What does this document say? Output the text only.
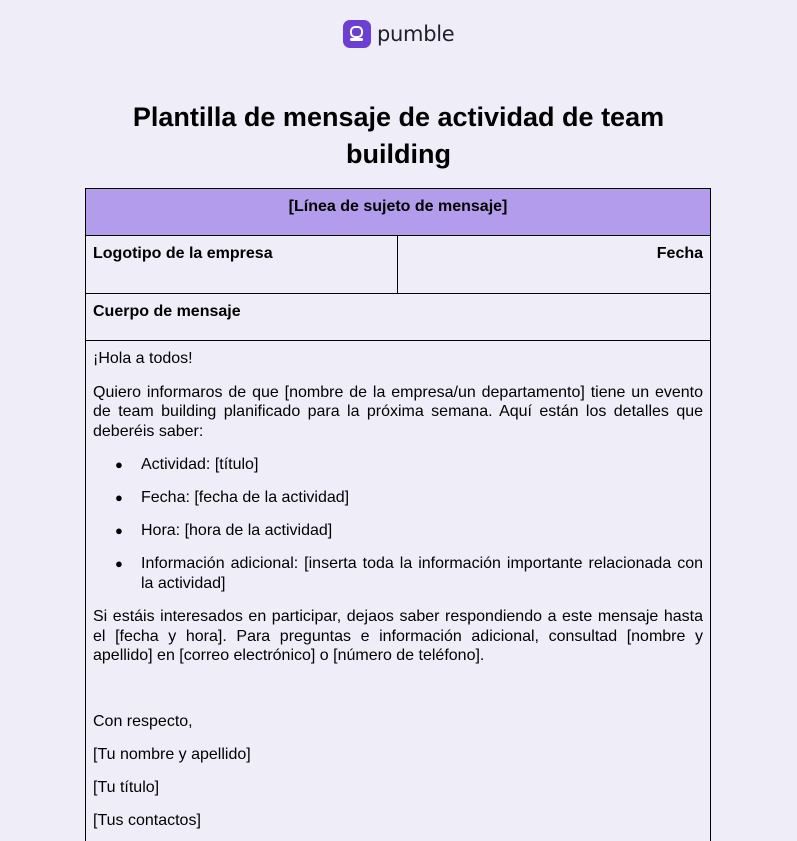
pumble
Plantilla de mensaje de actividad de team building
[Línea de sujeto de mensaje]
Logotipo de la empresa	Fecha
Cuerpo de mensaje

¡Hola a todos!

Quiero informaros de que [nombre de la empresa/un departamento] tiene un evento de team building planificado para la próxima semana. Aquí están los detalles que deberéis saber:

● Actividad: [título]
● Fecha: [fecha de la actividad]
● Hora: [hora de la actividad]
● Información adicional: [inserta toda la información importante relacionada con la actividad]

Si estáis interesados en participar, dejaos saber respondiendo a este mensaje hasta el [fecha y hora]. Para preguntas e información adicional, consultad [nombre y apellido] en [correo electrónico] o [número de teléfono].

Con respecto,

[Tu nombre y apellido]

[Tu título]

[Tus contactos]
